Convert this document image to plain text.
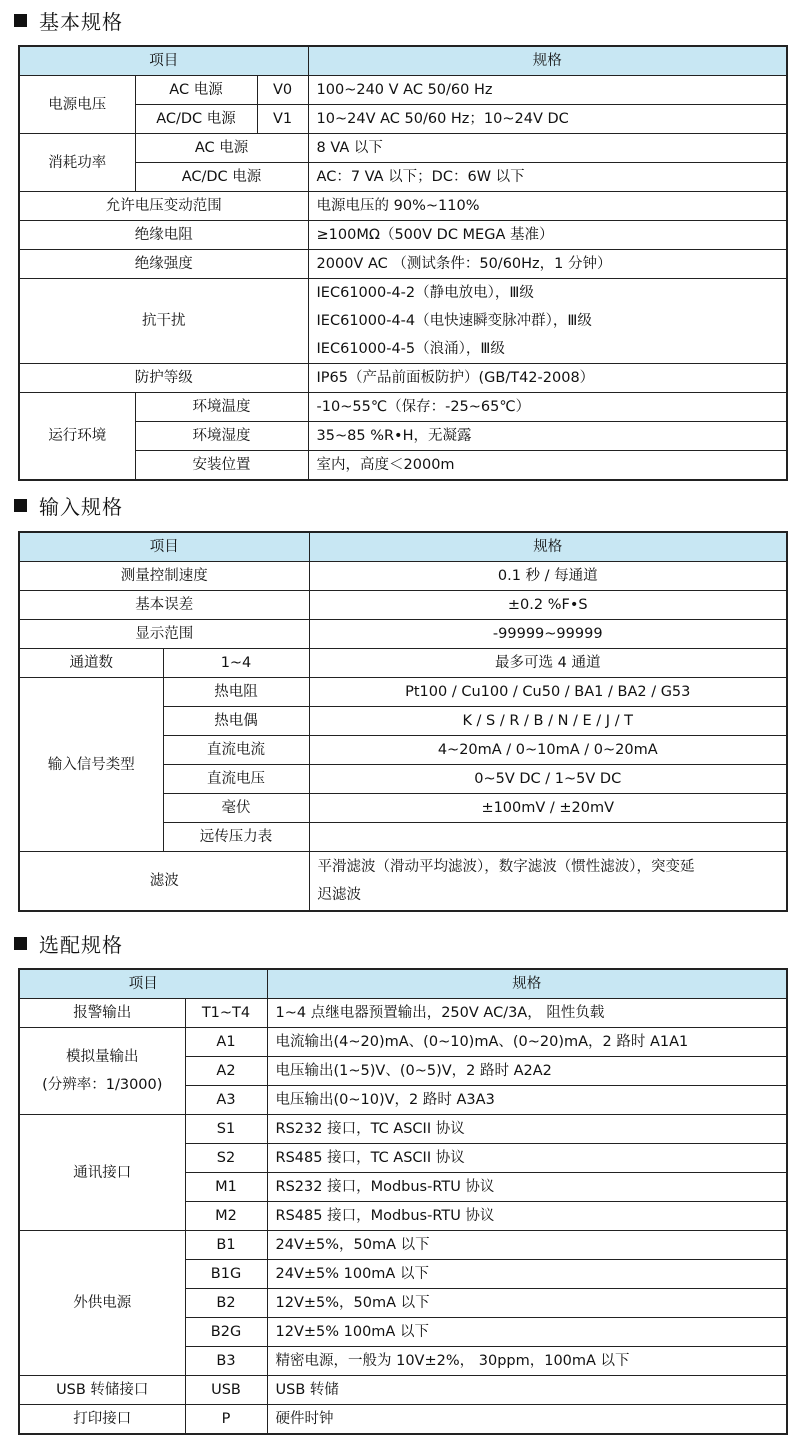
基本规格
项目			规格
电源电压	AC 电源	V0	100~240 V AC 50/60 Hz
	AC/DC 电源	V1	10~24V AC 50/60 Hz；10~24V DC
消耗功率	AC 电源		8 VA 以下
	AC/DC 电源		AC：7 VA 以下；DC：6W 以下
允许电压变动范围			电源电压的 90%~110%
绝缘电阻			≥100MΩ（500V DC MEGA 基准）
绝缘强度			2000V AC （测试条件：50/60Hz，1 分钟）
抗干扰			IEC61000-4-2（静电放电），Ⅲ级
IEC61000-4-4（电快速瞬变脉冲群），Ⅲ级
IEC61000-4-5（浪涌），Ⅲ级

防护等级			IP65（产品前面板防护）(GB/T42-2008）
运行环境	环境温度		-10~55℃（保存：-25~65℃）
	环境湿度		35~85 %R•H，无凝露
	安装位置		室内，高度＜2000m
输入规格
项目		规格
测量控制速度		0.1 秒 / 每通道
基本误差		±0.2 %F•S
显示范围		-99999~99999
通道数	1~4	最多可选 4 通道
输入信号类型	热电阻	Pt100 / Cu100 / Cu50 / BA1 / BA2 / G53
	热电偶	K / S / R / B / N / E / J / T
	直流电流	4~20mA / 0~10mA / 0~20mA
	直流电压	0~5V DC / 1~5V DC
	毫伏	±100mV / ±20mV
	远传压力表	
滤波		平滑滤波（滑动平均滤波），数字滤波（惯性滤波），突变延
迟滤波
选配规格
项目		规格
报警输出	T1~T4	1~4 点继电器预置输出，250V AC/3A， 阻性负载

模拟量输出
(分辨率：1/3000)	A1	电流输出(4~20)mA、(0~10)mA、(0~20)mA，2 路时 A1A1
	A2	电压输出(1~5)V、(0~5)V，2 路时 A2A2
	A3	电压输出(0~10)V，2 路时 A3A3
通讯接口	S1	RS232 接口，TC ASCII 协议
	S2	RS485 接口，TC ASCII 协议
	M1	RS232 接口，Modbus-RTU 协议
	M2	RS485 接口，Modbus-RTU 协议
外供电源	B1	24V±5%，50mA 以下
	B1G	24V±5% 100mA 以下
	B2	12V±5%，50mA 以下
	B2G	12V±5% 100mA 以下
	B3	精密电源，一般为 10V±2%， 30ppm，100mA 以下
USB 转储接口	USB	USB 转储
打印接口	P	硬件时钟
